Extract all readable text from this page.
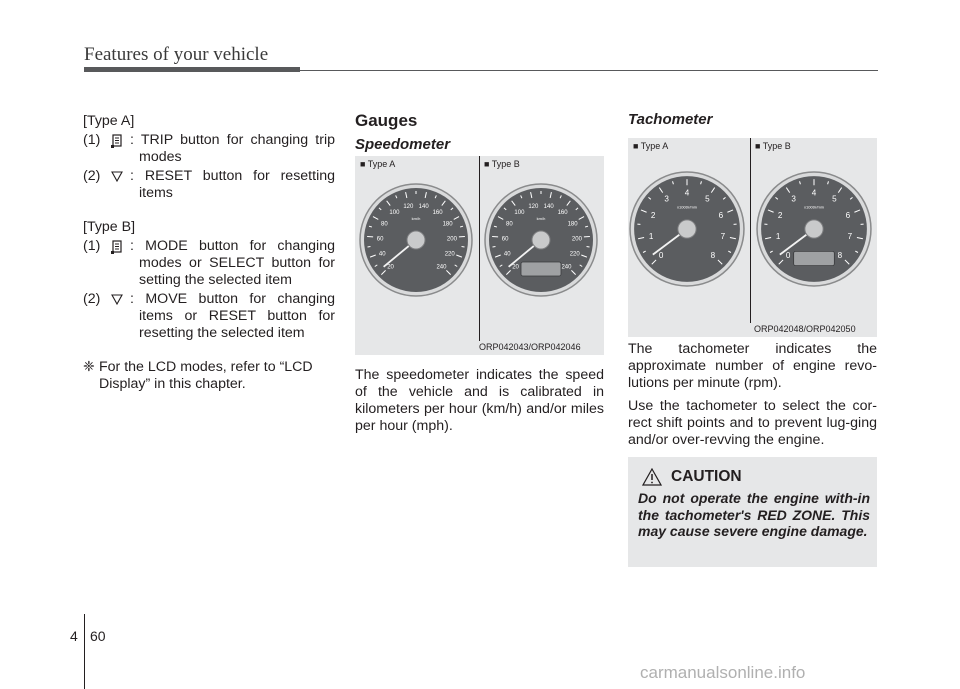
Features of your vehicle

[Type A]

(1)	: TRIP button for changing trip modes
(2)	: RESET button for resetting items

[Type B]

(1)	: MODE button for changing modes or SELECT button for setting the selected item
(2)	: MOVE button for changing items or RESET button for resetting the selected item
❈ For the LCD modes, refer to “LCD Display” in this chapter.
Gauges
Speedometer
■ Type A	■ Type B
20
40
60
80
100
120 140
160
180
200
220
240
km/h
20
40
60
80
100
120 140
160
180
200
220
240
km/h
ORP042043/ORP042046

The speedometer indicates the speed of the vehicle and is calibrated in kilometers per hour (km/h) and/or miles per hour (mph).

Tachometer
■ Type A	■ Type B
0
1
2
3
4
5
6
7
8
x1000r/min
0
1
2
3
4
5
6
7
8
x1000r/min
ORP042048/ORP042050

The tachometer indicates the approximate number of engine revo-lutions per minute (rpm).

Use the tachometer to select the cor-rect shift points and to prevent lug-ging and/or over-revving the engine.

CAUTION
Do not operate the engine with-in the tachometer's RED ZONE. This may cause severe engine damage.
4 60
carmanualsonline.info
